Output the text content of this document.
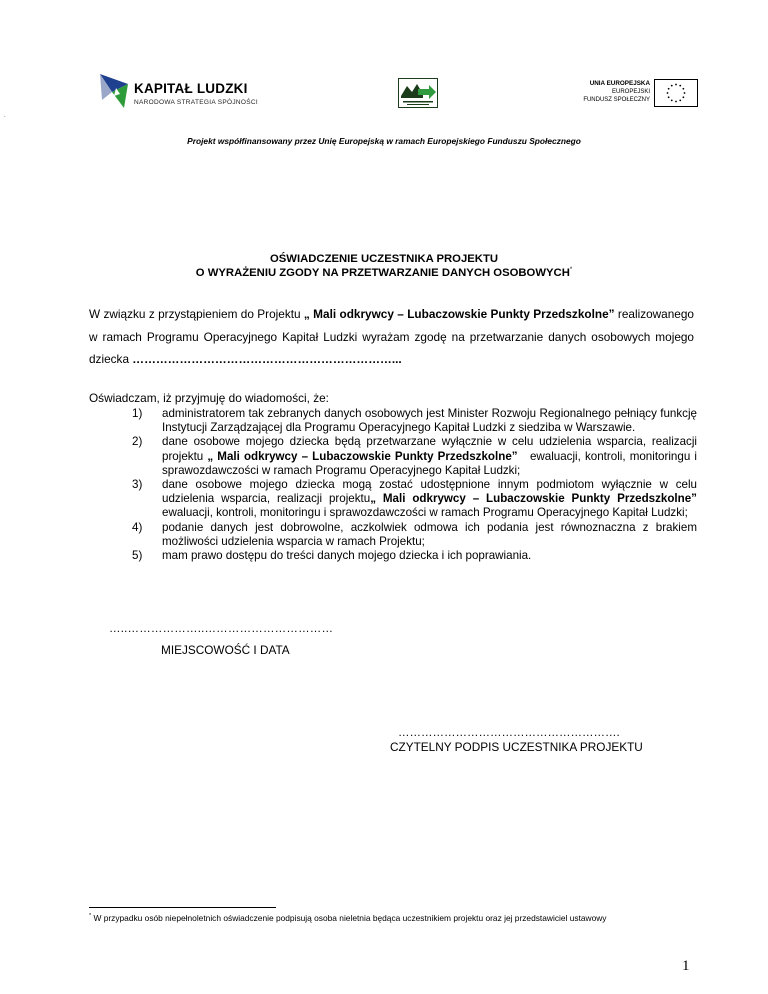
KAPITAŁ LUDZKI
NARODOWA STRATEGIA SPÓJNOŚCI
UNIA EUROPEJSKA
EUROPEJSKI
FUNDUSZ SPOŁECZNY
.
Projekt współfinansowany przez Unię Europejską w ramach Europejskiego Funduszu Społecznego
OŚWIADCZENIE UCZESTNIKA PROJEKTU
O WYRAŻENIU ZGODY NA PRZETWARZANIE DANYCH OSOBOWYCH*
W związku z przystąpieniem do Projektu „ Mali odkrywcy – Lubaczowskie Punkty Przedszkolne” realizowanego w ramach Programu Operacyjnego Kapitał Ludzki wyrażam zgodę na przetwarzanie danych osobowych mojego dziecka …………………………………………………………...
Oświadczam, iż przyjmuję do wiadomości, że:
1) administratorem tak zebranych danych osobowych jest Minister Rozwoju Regionalnego pełniący funkcję Instytucji Zarządzającej dla Programu Operacyjnego Kapitał Ludzki z siedziba w Warszawie.
2) dane osobowe mojego dziecka będą przetwarzane wyłącznie w celu udzielenia wsparcia, realizacji projektu „ Mali odkrywcy – Lubaczowskie Punkty Przedszkolne”   ewaluacji, kontroli, monitoringu i sprawozdawczości w ramach Programu Operacyjnego Kapitał Ludzki;
3) dane osobowe mojego dziecka mogą zostać udostępnione innym podmiotom wyłącznie w celu udzielenia wsparcia, realizacji projektu„ Mali odkrywcy – Lubaczowskie Punkty Przedszkolne”  ewaluacji, kontroli, monitoringu i sprawozdawczości w ramach Programu Operacyjnego Kapitał Ludzki;
4) podanie danych jest dobrowolne, aczkolwiek odmowa ich podania jest równoznaczna z brakiem możliwości udzielenia wsparcia w ramach Projektu;
5) mam prawo dostępu do treści danych mojego dziecka i ich poprawiania.
…..………………..……………………………
MIEJSCOWOŚĆ I DATA
………………………………………………….
CZYTELNY PODPIS UCZESTNIKA PROJEKTU
* W przypadku osób niepełnoletnich oświadczenie podpisują osoba nieletnia będąca uczestnikiem projektu oraz jej przedstawiciel ustawowy
1
